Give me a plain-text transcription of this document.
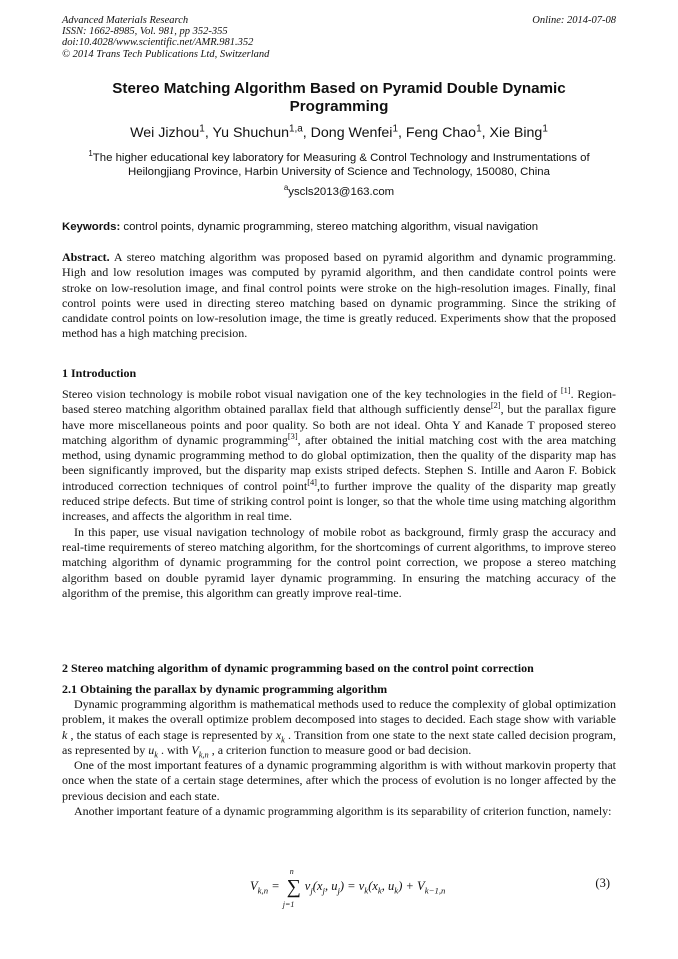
Advanced Materials Research
ISSN: 1662-8985, Vol. 981, pp 352-355
doi:10.4028/www.scientific.net/AMR.981.352
© 2014 Trans Tech Publications Ltd, Switzerland
Online: 2014-07-08
Stereo Matching Algorithm Based on Pyramid Double Dynamic Programming
Wei Jizhou$^1$, Yu Shuchun$^{1,a}$, Dong Wenfei$^1$, Feng Chao$^1$, Xie Bing$^1$
$^1$The higher educational key laboratory for Measuring & Control Technology and Instrumentations of Heilongjiang Province, Harbin University of Science and Technology, 150080, China
$^a$yscls2013@163.com
Keywords: control points, dynamic programming, stereo matching algorithm, visual navigation

Abstract. A stereo matching algorithm was proposed based on pyramid algorithm and dynamic programming. High and low resolution images was computed by pyramid algorithm, and then candidate control points were stroke on low-resolution image, and final control points were stroke on the high-resolution images. Finally, final control points were used in directing stereo matching based on dynamic programming. Since the striking of candidate control points on low-resolution image, the time is greatly reduced. Experiments show that the proposed method has a high matching precision.

1 Introduction

Stereo vision technology is mobile robot visual navigation one of the key technologies in the field of [1]. Region-based stereo matching algorithm obtained parallax field that although sufficiently dense[2], but the parallax figure have more miscellaneous points and poor quality. So both are not ideal. Ohta Y and Kanade T proposed stereo matching algorithm of dynamic programming[3], after obtained the initial matching cost with the area matching method, using dynamic programming method to do global optimization, then the quality of the disparity map has been significantly improved, but the disparity map exists striped defects. Stephen S. Intille and Aaron F. Bobick introduced correction techniques of control point[4],to further improve the quality of the disparity map greatly reduced stripe defects. But time of striking control point is longer, so that the whole time using matching algorithm increases, and affects the algorithm in real time.

In this paper, use visual navigation technology of mobile robot as background, firmly grasp the accuracy and real-time requirements of stereo matching algorithm, for the shortcomings of current algorithms, to improve stereo matching algorithm of dynamic programming for the control point correction, we propose a stereo matching algorithm based on double pyramid layer dynamic programming. In ensuring the matching accuracy of the algorithm of the premise, this algorithm can greatly improve real-time.

2 Stereo matching algorithm of dynamic programming based on the control point correction
2.1 Obtaining the parallax by dynamic programming algorithm

Dynamic programming algorithm is mathematical methods used to reduce the complexity of global optimization problem, it makes the overall optimize problem decomposed into stages to decided. Each stage show with variable k , the status of each stage is represented by $x_k$ . Transition from one state to the next state called decision program, as represented by $u_k$ . with $V_{k,n}$ , a criterion function to measure good or bad decision.

One of the most important features of a dynamic programming algorithm is with without markovin property that once when the state of a certain stage determines, after which the process of evolution is no longer affected by the previous decision and each state.

Another important feature of a dynamic programming algorithm is its separability of criterion function, namely:

$V_{k,n}$ = ∑
n
j=1
$v_j(x_j$, $u_j) = v_k(x_k$, $u_k) + V_{k-1,n}$
(3)
